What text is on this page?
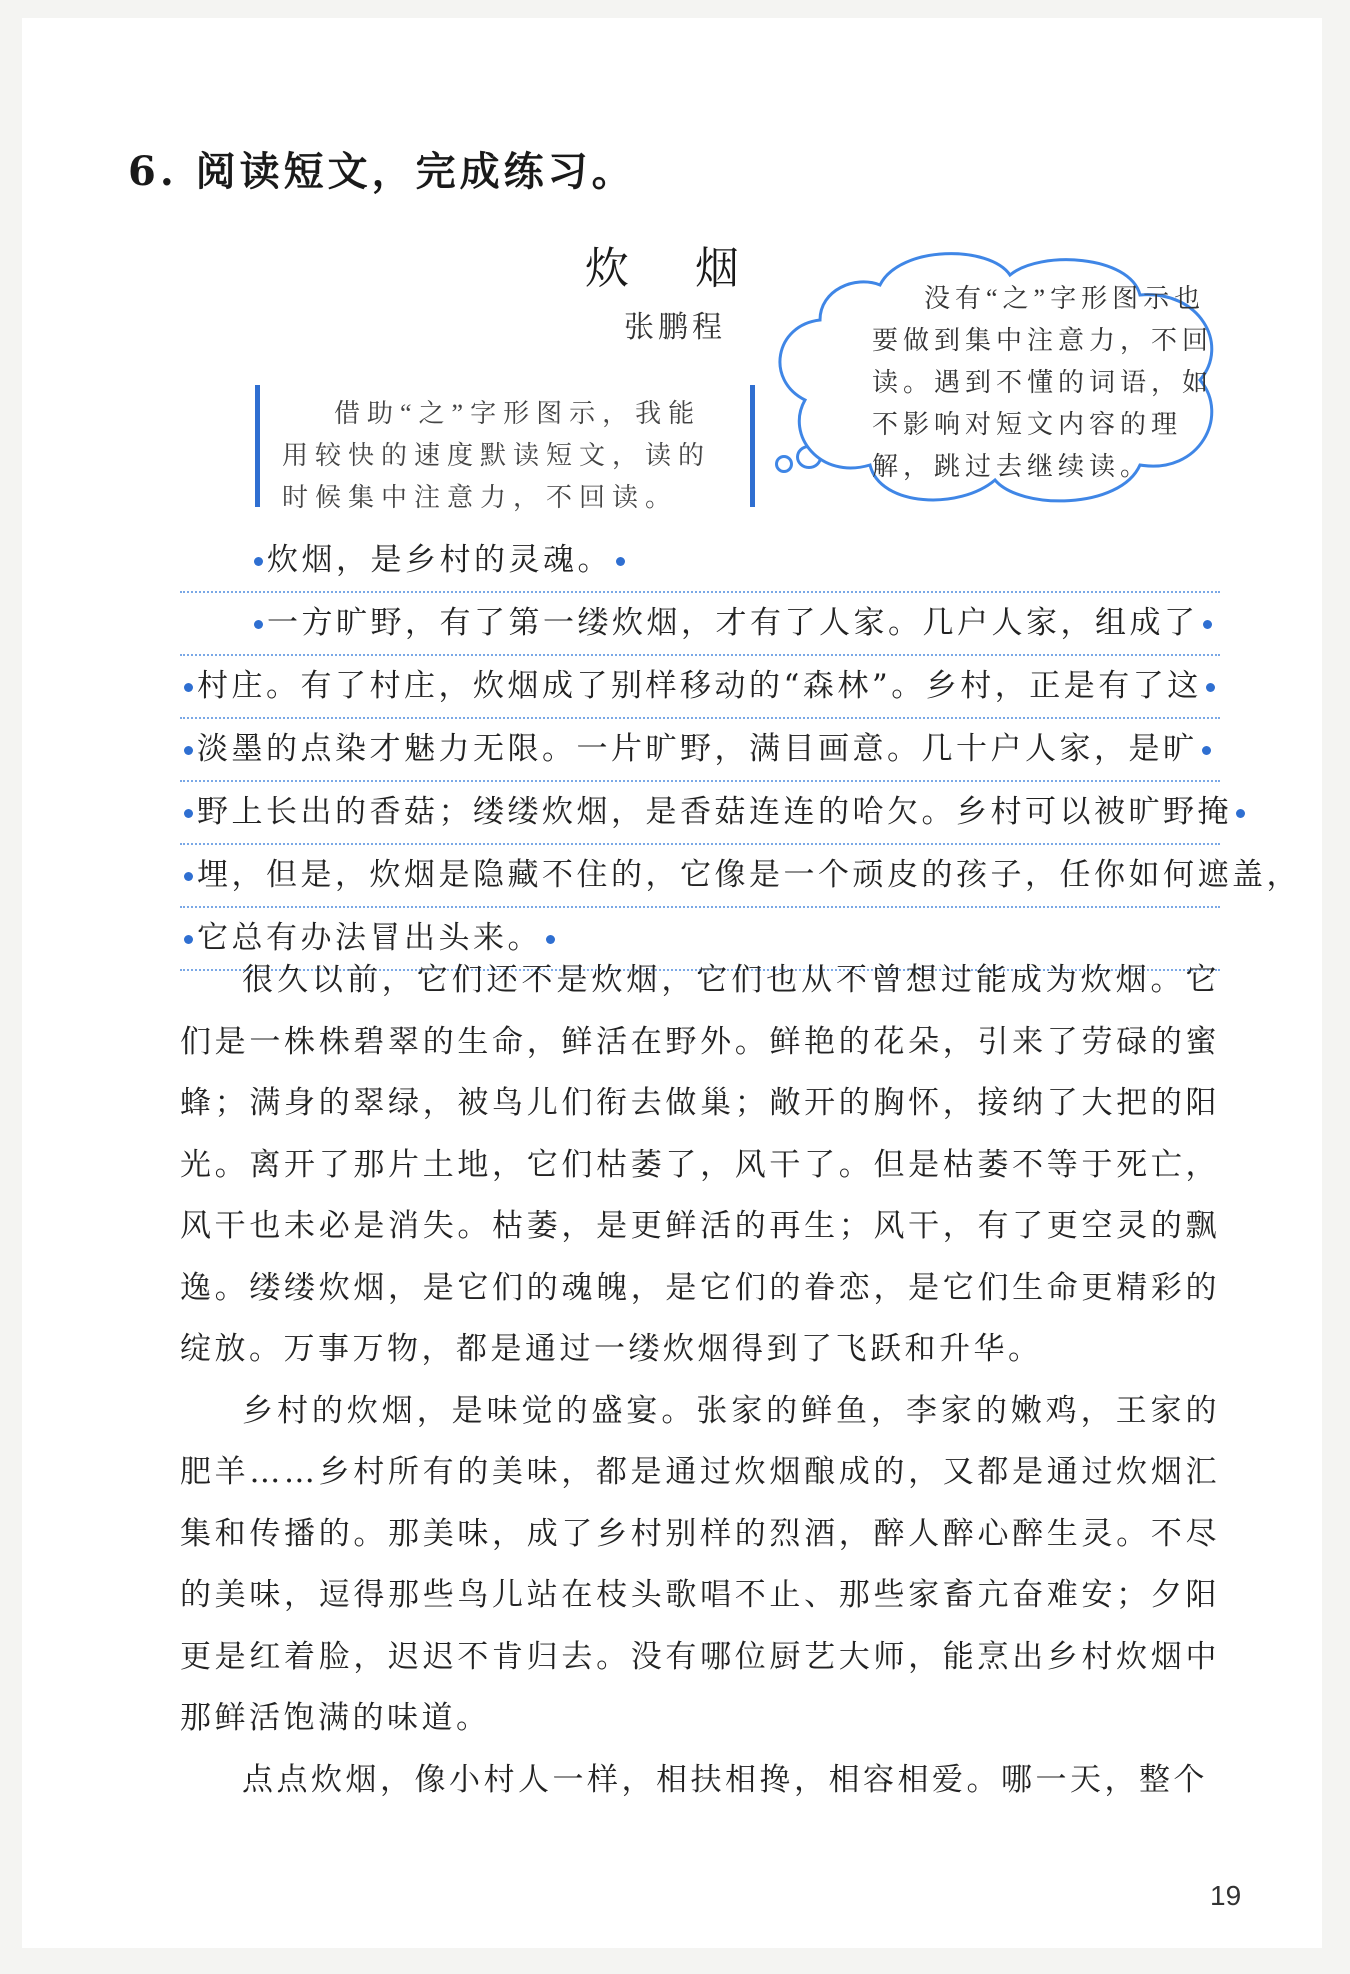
6. 阅读短文，完成练习。
炊 烟
张鹏程
借助“之”字形图示，我能用较快的速度默读短文，读的时候集中注意力，不回读。
没有“之”字形图示也要做到集中注意力，不回读。遇到不懂的词语，如不影响对短文内容的理解，跳过去继续读。
炊烟，是乡村的灵魂。
一方旷野，有了第一缕炊烟，才有了人家。几户人家，组成了
村庄。有了村庄，炊烟成了别样移动的“森林”。乡村，正是有了这
淡墨的点染才魅力无限。一片旷野，满目画意。几十户人家，是旷
野上长出的香菇；缕缕炊烟，是香菇连连的哈欠。乡村可以被旷野掩
埋，但是，炊烟是隐藏不住的，它像是一个顽皮的孩子，任你如何遮盖，
它总有办法冒出头来。

很久以前，它们还不是炊烟，它们也从不曾想过能成为炊烟。它们是一株株碧翠的生命，鲜活在野外。鲜艳的花朵，引来了劳碌的蜜蜂；满身的翠绿，被鸟儿们衔去做巢；敞开的胸怀，接纳了大把的阳光。离开了那片土地，它们枯萎了，风干了。但是枯萎不等于死亡，风干也未必是消失。枯萎，是更鲜活的再生；风干，有了更空灵的飘逸。缕缕炊烟，是它们的魂魄，是它们的眷恋，是它们生命更精彩的绽放。万事万物，都是通过一缕炊烟得到了飞跃和升华。

乡村的炊烟，是味觉的盛宴。张家的鲜鱼，李家的嫩鸡，王家的肥羊……乡村所有的美味，都是通过炊烟酿成的，又都是通过炊烟汇集和传播的。那美味，成了乡村别样的烈酒，醉人醉心醉生灵。不尽的美味，逗得那些鸟儿站在枝头歌唱不止、那些家畜亢奋难安；夕阳更是红着脸，迟迟不肯归去。没有哪位厨艺大师，能烹出乡村炊烟中那鲜活饱满的味道。

点点炊烟，像小村人一样，相扶相搀，相容相爱。哪一天，整个

19
